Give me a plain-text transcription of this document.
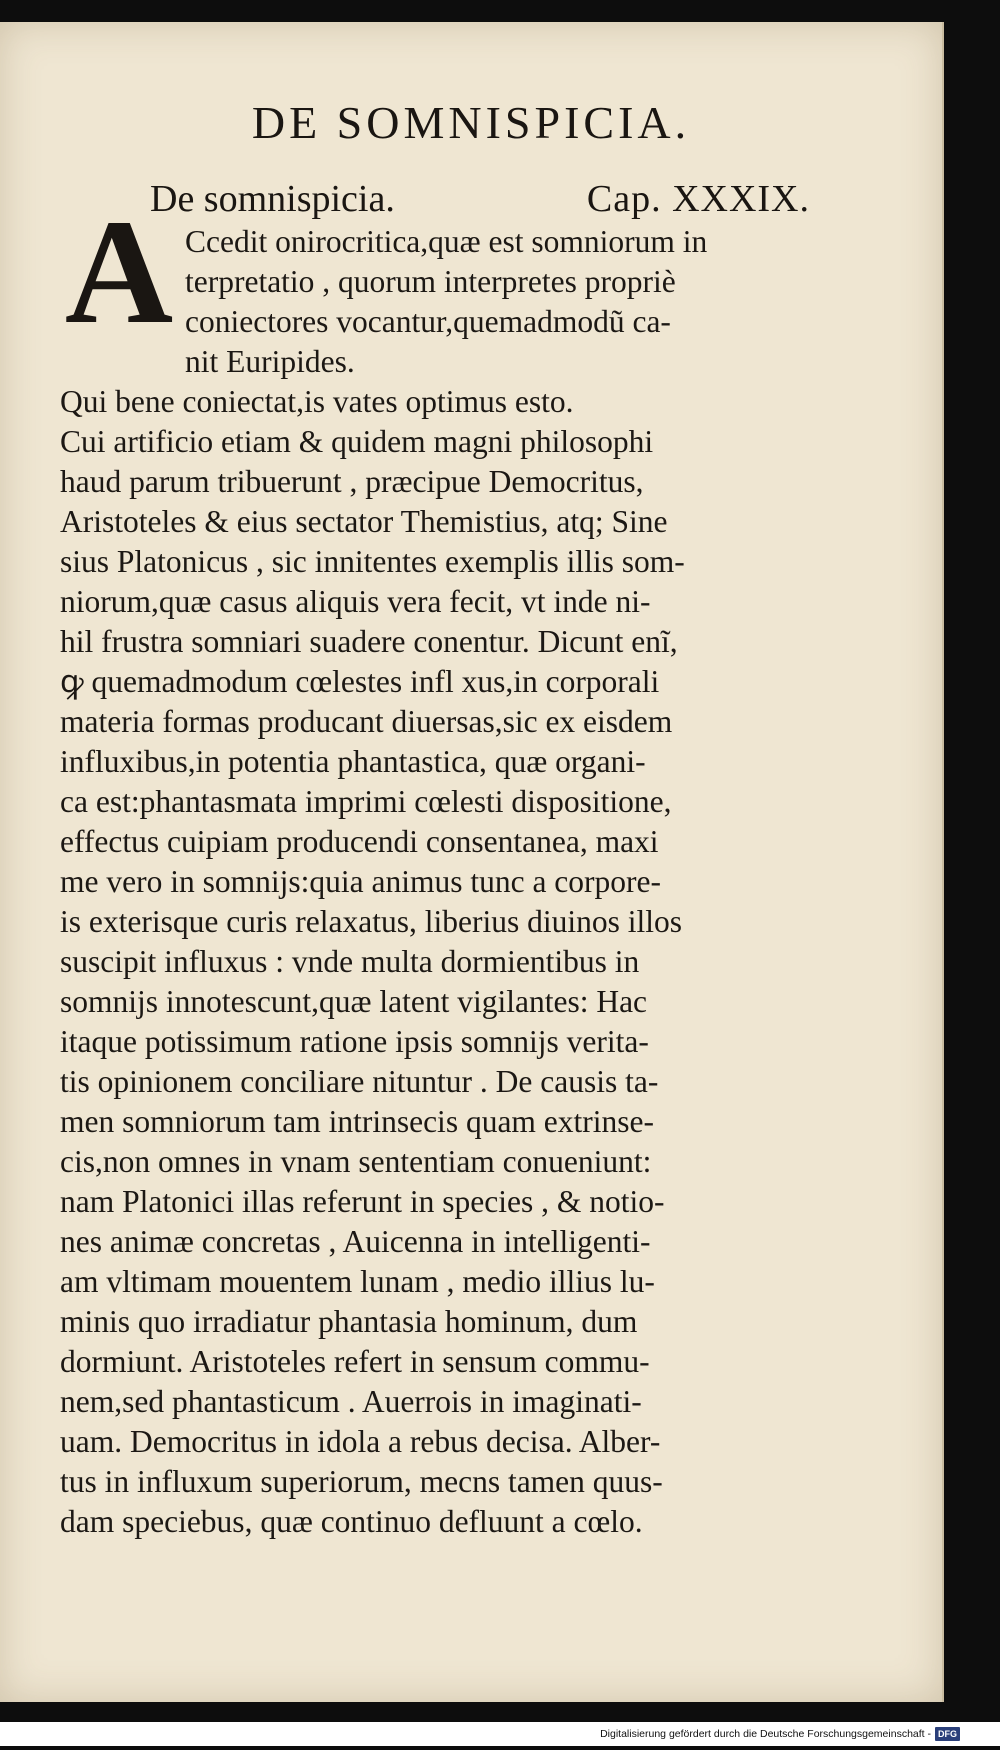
DE SOMNISPICIA.
De somnispicia.	Cap. XXXIX.
A Ccedit onirocritica,quæ est somniorum in
terpretatio , quorum interpretes propriè
coniectores vocantur,quemadmodũ ca-
nit Euripides.
Qui bene coniectat,is vates optimus esto.
Cui artificio etiam & quidem magni philosophi
haud parum tribuerunt , præcipue Democritus,
Aristoteles & eius sectator Themistius, atq; Sine
sius Platonicus , sic innitentes exemplis illis som-
niorum,quæ casus aliquis vera fecit, vt inde ni-
hil frustra somniari suadere conentur. Dicunt enĩ,
ꝙ quemadmodum cœlestes infl xus,in corporali
materia formas producant diuersas,sic ex eisdem
influxibus,in potentia phantastica, quæ organi-
ca est:phantasmata imprimi cœlesti dispositione,
effectus cuipiam producendi consentanea, maxi
me vero in somnijs:quia animus tunc a corpore-
is exterisque curis relaxatus, liberius diuinos illos
suscipit influxus : vnde multa dormientibus in
somnijs innotescunt,quæ latent vigilantes: Hac
itaque potissimum ratione ipsis somnijs verita-
tis opinionem conciliare nituntur . De causis ta-
men somniorum tam intrinsecis quam extrinse-
cis,non omnes in vnam sententiam conueniunt:
nam Platonici illas referunt in species , & notio-
nes animæ concretas , Auicenna in intelligenti-
am vltimam mouentem lunam , medio illius lu-
minis quo irradiatur phantasia hominum, dum
dormiunt. Aristoteles refert in sensum commu-
nem,sed phantasticum . Auerrois in imaginati-
uam. Democritus in idola a rebus decisa. Alber-
tus in influxum superiorum, mecns tamen quus-
dam speciebus, quæ continuo defluunt a cœlo.
Digitalisierung gefördert durch die Deutsche Forschungsgemeinschaft - DFG
